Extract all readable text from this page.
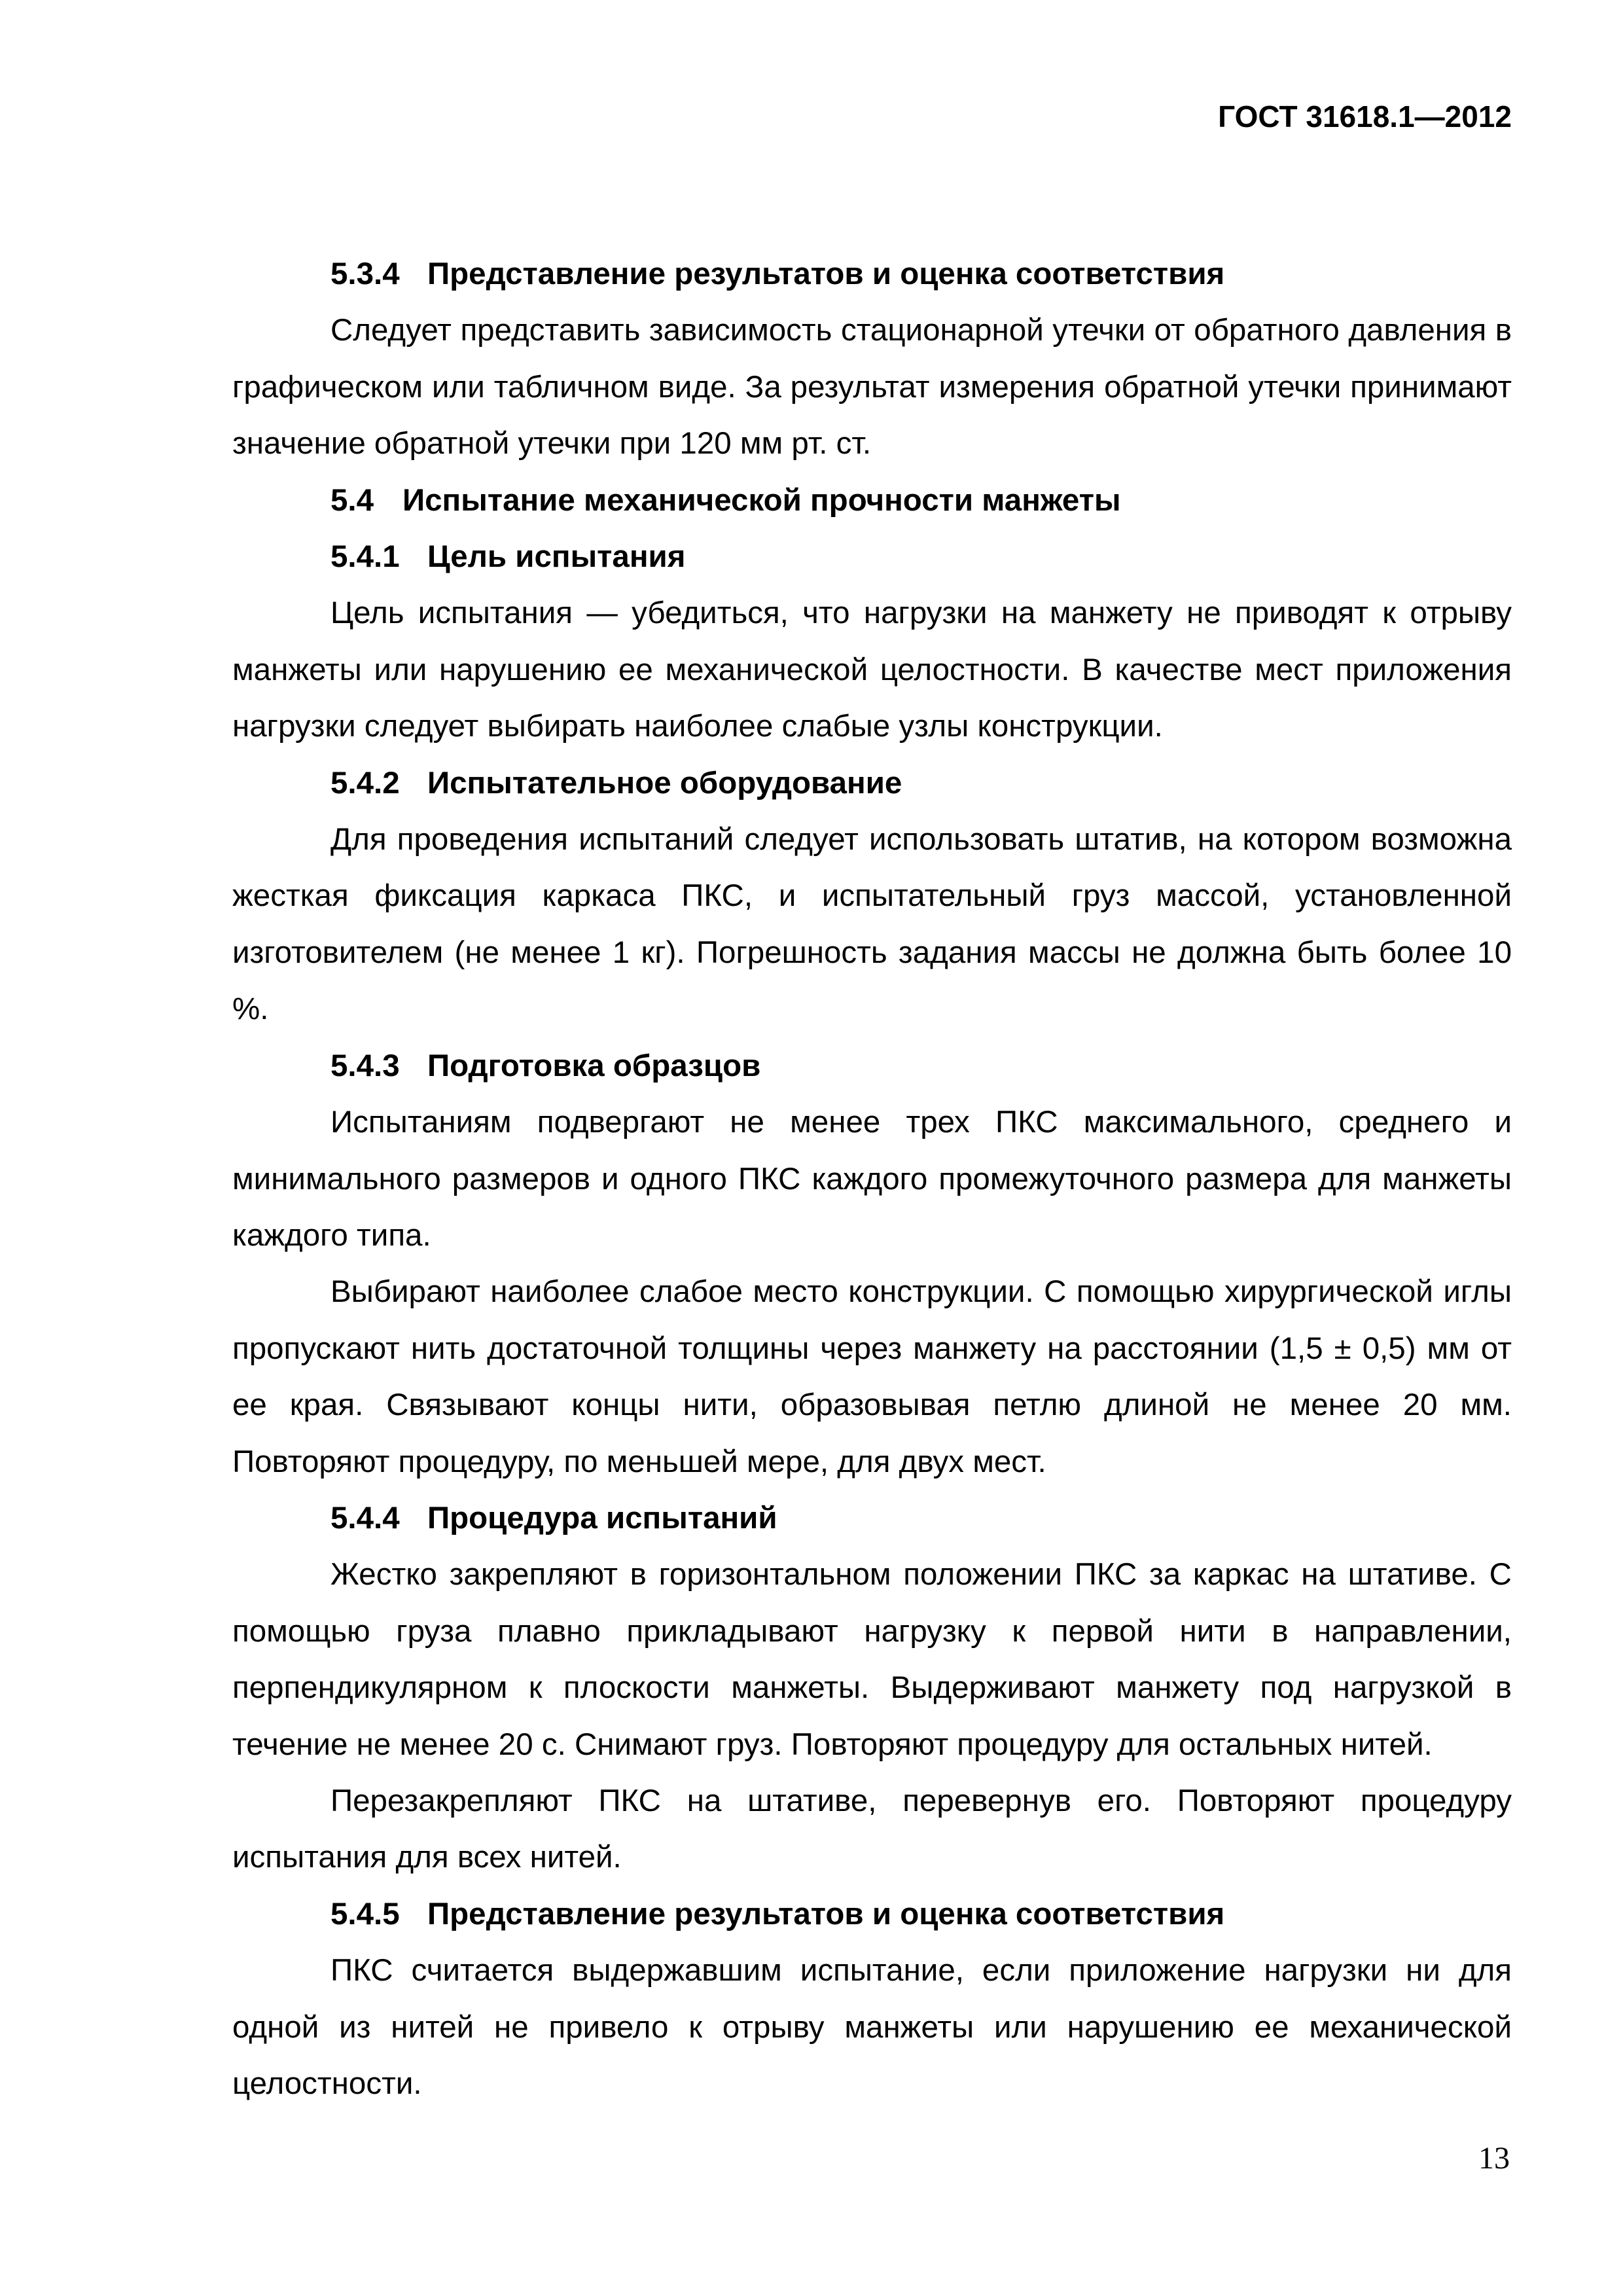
ГОСТ 31618.1—2012

5.3.4 Представление результатов и оценка соответствия

Следует представить зависимость стационарной утечки от обратного давления в графическом или табличном виде. За результат измерения обратной утечки принимают значение обратной утечки при 120 мм рт. ст.

5.4 Испытание механической прочности манжеты

5.4.1 Цель испытания

Цель испытания — убедиться, что нагрузки на манжету не приводят к отрыву манжеты или нарушению ее механической целостности. В качестве мест приложения нагрузки следует выбирать наиболее слабые узлы конструкции.

5.4.2 Испытательное оборудование

Для проведения испытаний следует использовать штатив, на котором возможна жесткая фиксация каркаса ПКС, и испытательный груз массой, установленной изготовителем (не менее 1 кг). Погрешность задания массы не должна быть более 10 %.

5.4.3 Подготовка образцов

Испытаниям подвергают не менее трех ПКС максимального, среднего и минимального размеров и одного ПКС каждого промежуточного размера для манжеты каждого типа.

Выбирают наиболее слабое место конструкции. С помощью хирургической иглы пропускают нить достаточной толщины через манжету на расстоянии (1,5 ± 0,5) мм от ее края. Связывают концы нити, образовывая петлю длиной не менее 20 мм. Повторяют процедуру, по меньшей мере, для двух мест.

5.4.4 Процедура испытаний

Жестко закрепляют в горизонтальном положении ПКС за каркас на штативе. С помощью груза плавно прикладывают нагрузку к первой нити в направлении, перпендикулярном к плоскости манжеты. Выдерживают манжету под нагрузкой в течение не менее 20 с. Снимают груз. Повторяют процедуру для остальных нитей.

Перезакрепляют ПКС на штативе, перевернув его. Повторяют процедуру испытания для всех нитей.

5.4.5 Представление результатов и оценка соответствия

ПКС считается выдержавшим испытание, если приложение нагрузки ни для одной из нитей не привело к отрыву манжеты или нарушению ее механической целостности.

13
